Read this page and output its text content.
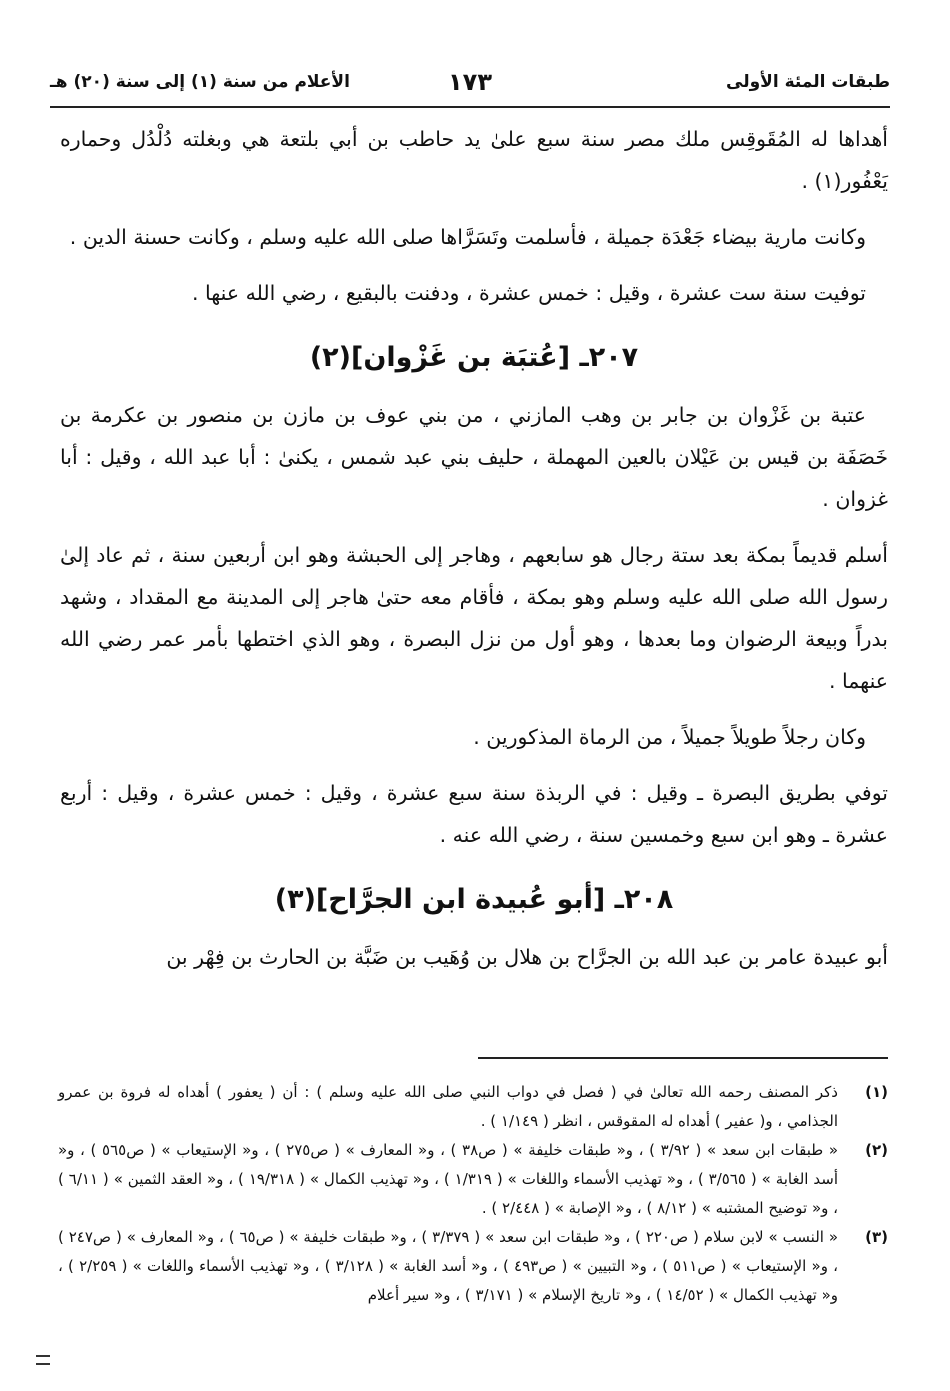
طبقات المئة الأولى
١٧٣
الأعلام من سنة (١) إلى سنة (٢٠) هـ

أهداها له المُقَوقِس ملك مصر سنة سبع علىٰ يد حاطب بن أبي بلتعة هي وبغلته دُلْدُل وحماره يَعْفُور(١) .

وكانت مارية بيضاء جَعْدَة جميلة ، فأسلمت وتَسَرَّاها صلى الله عليه وسلم ، وكانت حسنة الدين .

توفيت سنة ست عشرة ، وقيل : خمس عشرة ، ودفنت بالبقيع ، رضي الله عنها .

٢٠٧ـ [عُتبَة بن غَزْوان](٢)

عتبة بن غَزْوان بن جابر بن وهب المازني ، من بني عوف بن مازن بن منصور بن عكرمة بن خَصَفَة بن قيس بن عَيْلان بالعين المهملة ، حليف بني عبد شمس ، يكنىٰ : أبا عبد الله ، وقيل : أبا غزوان .

أسلم قديماً بمكة بعد ستة رجال هو سابعهم ، وهاجر إلى الحبشة وهو ابن أربعين سنة ، ثم عاد إلىٰ رسول الله صلى الله عليه وسلم وهو بمكة ، فأقام معه حتىٰ هاجر إلى المدينة مع المقداد ، وشهد بدراً وبيعة الرضوان وما بعدها ، وهو أول من نزل البصرة ، وهو الذي اختطها بأمر عمر رضي الله عنهما .

وكان رجلاً طويلاً جميلاً ، من الرماة المذكورين .

توفي بطريق البصرة ـ وقيل : في الربذة سنة سبع عشرة ، وقيل : خمس عشرة ، وقيل : أربع عشرة ـ وهو ابن سبع وخمسين سنة ، رضي الله عنه .

٢٠٨ـ [أبو عُبيدة ابن الجرَّاح](٣)

أبو عبيدة عامر بن عبد الله بن الجرَّاح بن هلال بن وُهَيب بن ضَبَّة بن الحارث بن فِهْر بن

(١)
ذكر المصنف رحمه الله تعالىٰ في ( فصل في دواب النبي صلى الله عليه وسلم ) : أن ( يعفور ) أهداه له فروة بن عمرو الجذامي ، و( عفير ) أهداه له المقوقس ، انظر ( ١/١٤٩ ) .
(٢)
« طبقات ابن سعد » ( ٣/٩٢ ) ، و« طبقات خليفة » ( ص٣٨ ) ، و« المعارف » ( ص٢٧٥ ) ، و« الإستيعاب » ( ص٥٦٥ ) ، و« أسد الغابة » ( ٣/٥٦٥ ) ، و« تهذيب الأسماء واللغات » ( ١/٣١٩ ) ، و« تهذيب الكمال » ( ١٩/٣١٨ ) ، و« العقد الثمين » ( ٦/١١ ) ، و« توضيح المشتبه » ( ٨/١٢ ) ، و« الإصابة » ( ٢/٤٤٨ ) .
(٣)
« النسب » لابن سلام ( ص٢٢٠ ) ، و« طبقات ابن سعد » ( ٣/٣٧٩ ) ، و« طبقات خليفة » ( ص٦٥ ) ، و« المعارف » ( ص٢٤٧ ) ، و« الإستيعاب » ( ص٥١١ ) ، و« التبيين » ( ص٤٩٣ ) ، و« أسد الغابة » ( ٣/١٢٨ ) ، و« تهذيب الأسماء واللغات » ( ٢/٢٥٩ ) ، و« تهذيب الكمال » ( ١٤/٥٢ ) ، و« تاريخ الإسلام » ( ٣/١٧١ ) ، و« سير أعلام
